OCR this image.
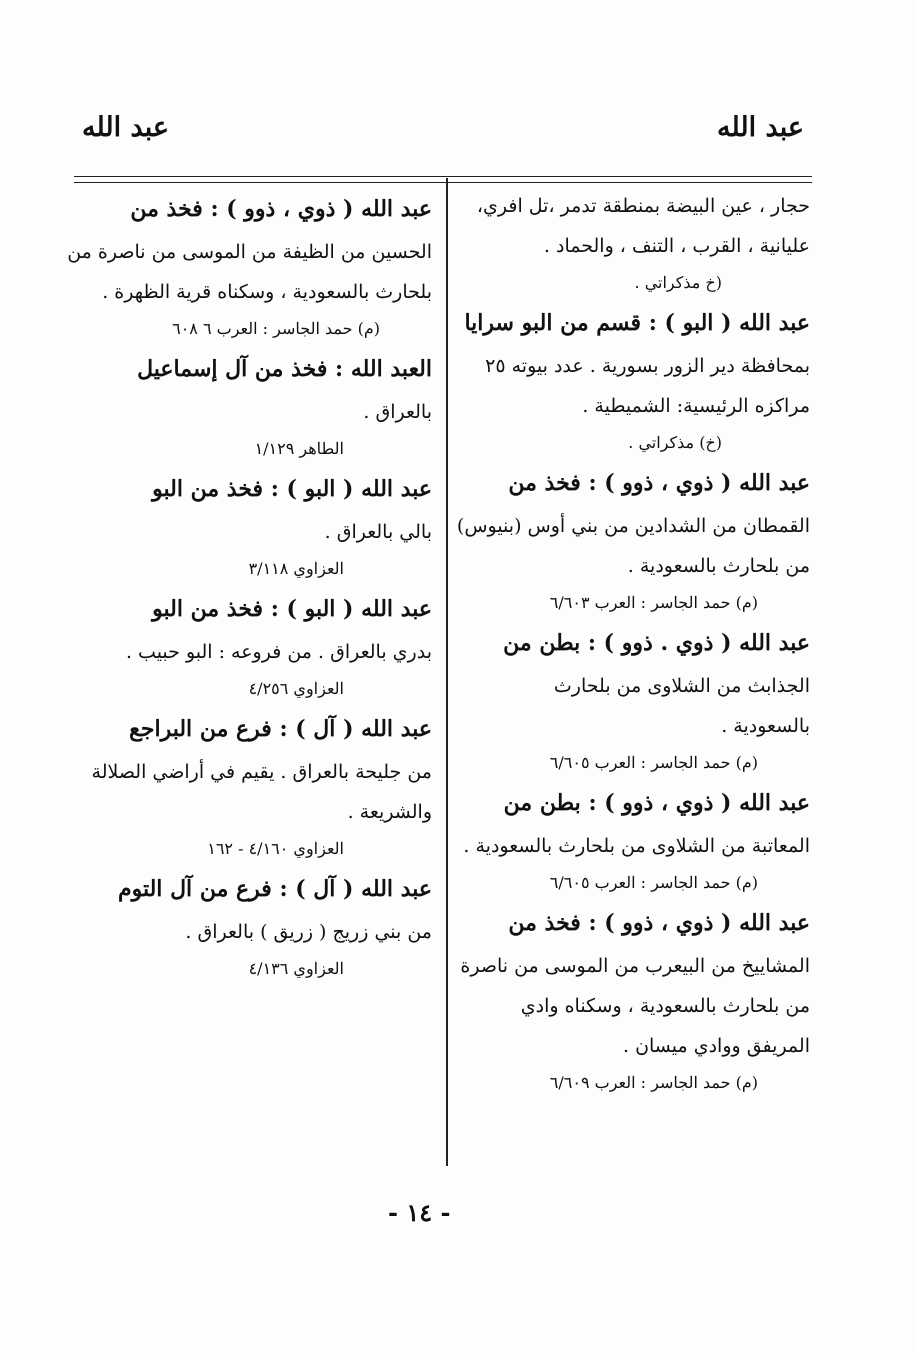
عبد الله
عبد الله
حجار ، عين البيضة بمنطقة تدمر ،تل افري،
عليانية ، القرب ، التنف ، والحماد .
(خ مذكراتي .
عبد الله ( البو ) : قسم من البو سرايا
بمحافظة دير الزور بسورية . عدد بيوته ٢٥
مراكزه الرئيسية: الشميطية .
(خ) مذكراتي .
عبد الله ( ذوي ، ذوو ) : فخذ من
القمطان من الشدادين من بني أوس (بنيوس)
من بلحارث بالسعودية .
(م) حمد الجاسر : العرب ٦/٦٠٣
عبد الله ( ذوي . ذوو ) : بطن من
الجذابث من الشلاوى من بلحارث
بالسعودية .
(م) حمد الجاسر : العرب ٦/٦٠٥
عبد الله ( ذوي ، ذوو ) : بطن من
المعاتبة من الشلاوى من بلحارث بالسعودية .
(م) حمد الجاسر : العرب ٦/٦٠٥
عبد الله ( ذوي ، ذوو ) : فخذ من
المشاييخ من البيعرب من الموسى من ناصرة
من بلحارث بالسعودية ، وسكناه وادي
المريفق ووادي ميسان .
(م) حمد الجاسر : العرب ٦/٦٠٩
عبد الله ( ذوي ، ذوو ) : فخذ من
الحسين من الظيفة من الموسى من ناصرة من
بلحارث بالسعودية ، وسكناه قرية الظهرة .
(م) حمد الجاسر : العرب ٦ ٦٠٨
العبد الله : فخذ من آل إسماعيل
بالعراق .
الطاهر ١/١٢٩
عبد الله ( البو ) : فخذ من البو
بالي بالعراق .
العزاوي ٣/١١٨
عبد الله ( البو ) : فخذ من البو
بدري بالعراق . من فروعه : البو حبيب .
العزاوي ٤/٢٥٦
عبد الله ( آل ) : فرع من البراجع
من جليحة بالعراق . يقيم في أراضي الصلالة
والشريعة .
العزاوي ٤/١٦٠ - ١٦٢
عبد الله ( آل ) : فرع من آل التوم
من بني زريج ( زريق ) بالعراق .
العزاوي ٤/١٣٦
- ١٤ -
